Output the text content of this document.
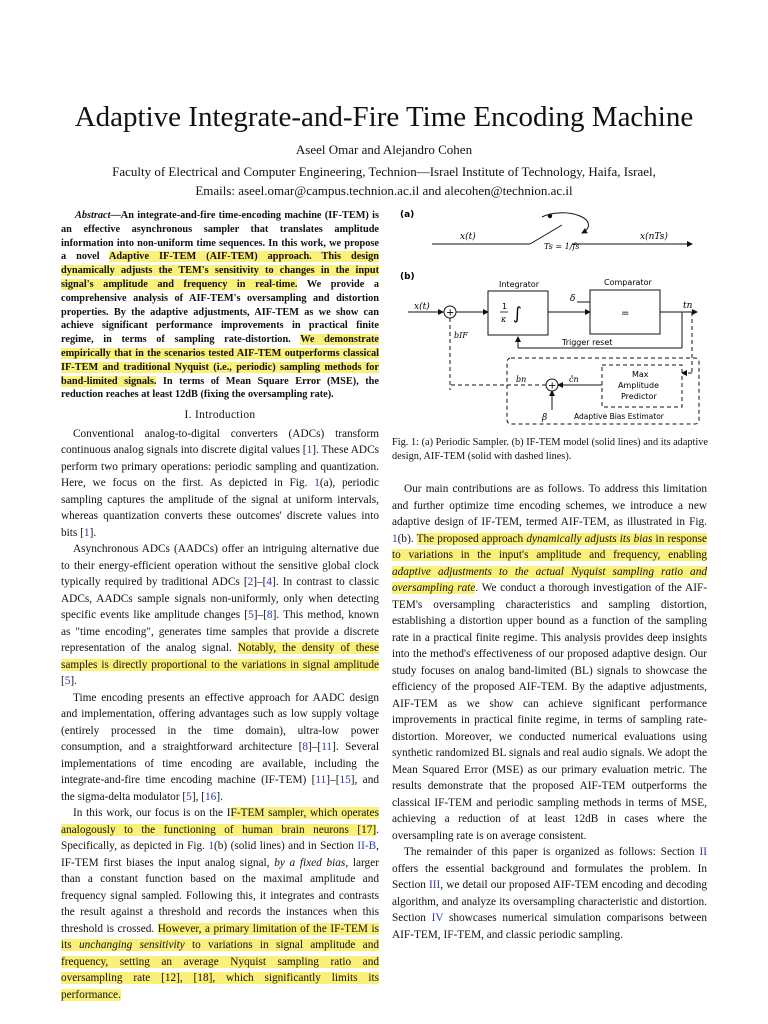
Adaptive Integrate-and-Fire Time Encoding Machine
Aseel Omar and Alejandro Cohen
Faculty of Electrical and Computer Engineering, Technion—Israel Institute of Technology, Haifa, Israel,
Emails: aseel.omar@campus.technion.ac.il and alecohen@technion.ac.il

Abstract—An integrate-and-fire time-encoding machine (IF-TEM) is an effective asynchronous sampler that translates amplitude information into non-uniform time sequences. In this work, we propose a novel Adaptive IF-TEM (AIF-TEM) approach. This design dynamically adjusts the TEM's sensitivity to changes in the input signal's amplitude and frequency in real-time. We provide a comprehensive analysis of AIF-TEM's oversampling and distortion properties. By the adaptive adjustments, AIF-TEM as we show can achieve significant performance improvements in practical finite regime, in terms of sampling rate-distortion. We demonstrate empirically that in the scenarios tested AIF-TEM outperforms classical IF-TEM and traditional Nyquist (i.e., periodic) sampling methods for band-limited signals. In terms of Mean Square Error (MSE), the reduction reaches at least 12dB (fixing the oversampling rate).

I. Introduction

Conventional analog-to-digital converters (ADCs) transform continuous analog signals into discrete digital values [1]. These ADCs perform two primary operations: periodic sampling and quantization. Here, we focus on the first. As depicted in Fig. 1(a), periodic sampling captures the amplitude of the signal at uniform intervals, whereas quantization converts these outcomes' discrete values into bits [1].

Asynchronous ADCs (AADCs) offer an intriguing alternative due to their energy-efficient operation without the sensitive global clock typically required by traditional ADCs [2]–[4]. In contrast to classic ADCs, AADCs sample signals non-uniformly, only when detecting specific events like amplitude changes [5]–[8]. This method, known as "time encoding", generates time samples that provide a discrete representation of the analog signal. Notably, the density of these samples is directly proportional to the variations in signal amplitude [5].

Time encoding presents an effective approach for AADC design and implementation, offering advantages such as low supply voltage (entirely processed in the time domain), ultra-low power consumption, and a straightforward architecture [8]–[11]. Several implementations of time encoding are available, including the integrate-and-fire time encoding machine (IF-TEM) [11]–[15], and the sigma-delta modulator [5], [16].

In this work, our focus is on the IF-TEM sampler, which operates analogously to the functioning of human brain neurons [17]. Specifically, as depicted in Fig. 1(b) (solid lines) and in Section II-B, IF-TEM first biases the input analog signal, by a fixed bias, larger than a constant function based on the maximal amplitude and frequency signal sampled. Following this, it integrates and contrasts the result against a threshold and records the instances when this threshold is crossed. However, a primary limitation of the IF-TEM is its unchanging sensitivity to variations in signal amplitude and frequency, setting an average Nyquist sampling ratio and oversampling rate [12], [18], which significantly limits its performance.

(a)
x(t)	x(nTs)
Ts = 1/fs
(b)
Integrator	Comparator
x(t)
+
1
κ ∫
δ
=
tn
Trigger reset
bIF
Max
Amplitude
Predictor
+
ĉn
β
bn
Adaptive Bias Estimator
Fig. 1: (a) Periodic Sampler. (b) IF-TEM model (solid lines) and its adaptive design, AIF-TEM (solid with dashed lines).

Our main contributions are as follows. To address this limitation and further optimize time encoding schemes, we introduce a new adaptive design of IF-TEM, termed AIF-TEM, as illustrated in Fig. 1(b). The proposed approach dynamically adjusts its bias in response to variations in the input's amplitude and frequency, enabling adaptive adjustments to the actual Nyquist sampling ratio and oversampling rate. We conduct a thorough investigation of the AIF-TEM's oversampling characteristics and sampling distortion, establishing a distortion upper bound as a function of the sampling rate in a practical finite regime. This analysis provides deep insights into the method's effectiveness of our proposed adaptive design. Our study focuses on analog band-limited (BL) signals to showcase the efficiency of the proposed AIF-TEM. By the adaptive adjustments, AIF-TEM as we show can achieve significant performance improvements in practical finite regime, in terms of sampling rate-distortion. Moreover, we conducted numerical evaluations using synthetic randomized BL signals and real audio signals. We adopt the Mean Squared Error (MSE) as our primary evaluation metric. The results demonstrate that the proposed AIF-TEM outperforms the classical IF-TEM and periodic sampling methods in terms of MSE, achieving a reduction of at least 12dB in cases where the oversampling rate is on average consistent.

The remainder of this paper is organized as follows: Section II offers the essential background and formulates the problem. In Section III, we detail our proposed AIF-TEM encoding and decoding algorithm, and analyze its oversampling characteristic and distortion. Section IV showcases numerical simulation comparisons between AIF-TEM, IF-TEM, and classic periodic sampling.
